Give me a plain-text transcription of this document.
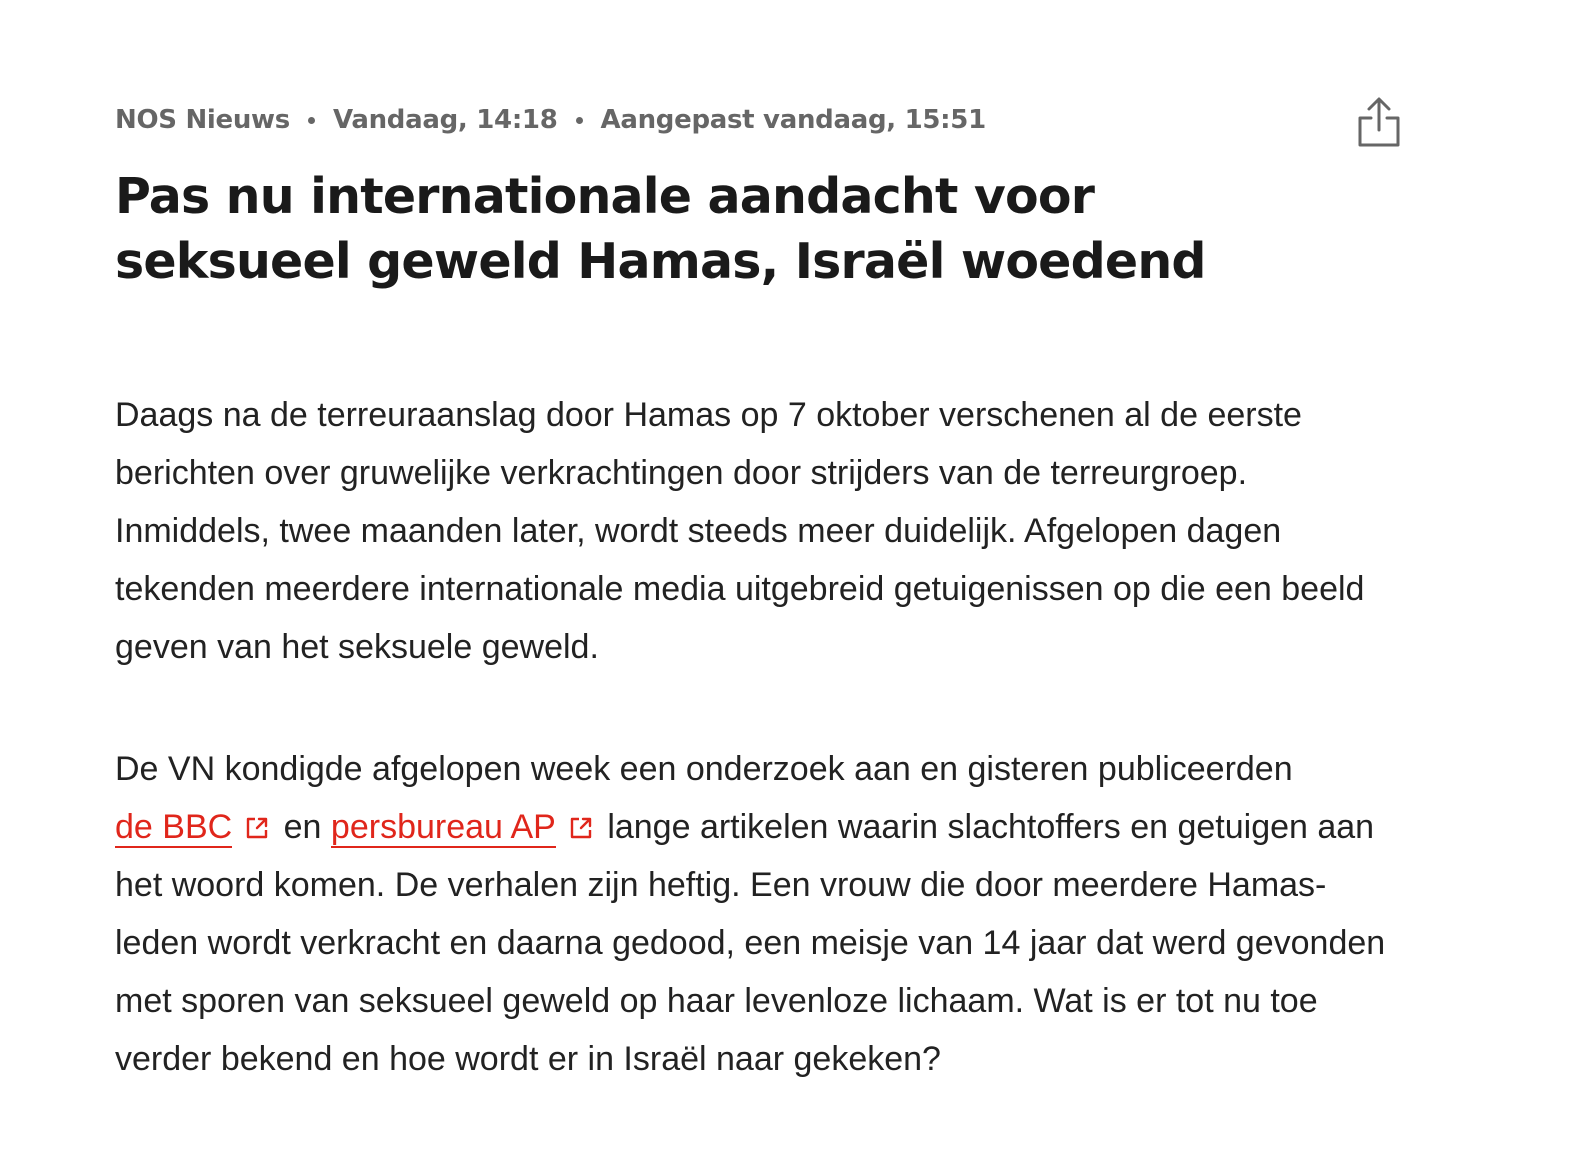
NOS Nieuws Vandaag, 14:18 Aangepast vandaag, 15:51
Pas nu internationale aandacht voor seksueel geweld Hamas, Israël woedend

Daags na de terreuraanslag door Hamas op 7 oktober verschenen al de eerste berichten over gruwelijke verkrachtingen door strijders van de terreurgroep. Inmiddels, twee maanden later, wordt steeds meer duidelijk. Afgelopen dagen tekenden meerdere internationale media uitgebreid getuigenissen op die een beeld geven van het seksuele geweld.

De VN kondigde afgelopen week een onderzoek aan en gisteren publiceerden
de BBC en persbureau AP lange artikelen waarin slachtoffers en getuigen aan het woord komen. De verhalen zijn heftig. Een vrouw die door meerdere Hamas-leden wordt verkracht en daarna gedood, een meisje van 14 jaar dat werd gevonden met sporen van seksueel geweld op haar levenloze lichaam. Wat is er tot nu toe verder bekend en hoe wordt er in Israël naar gekeken?
